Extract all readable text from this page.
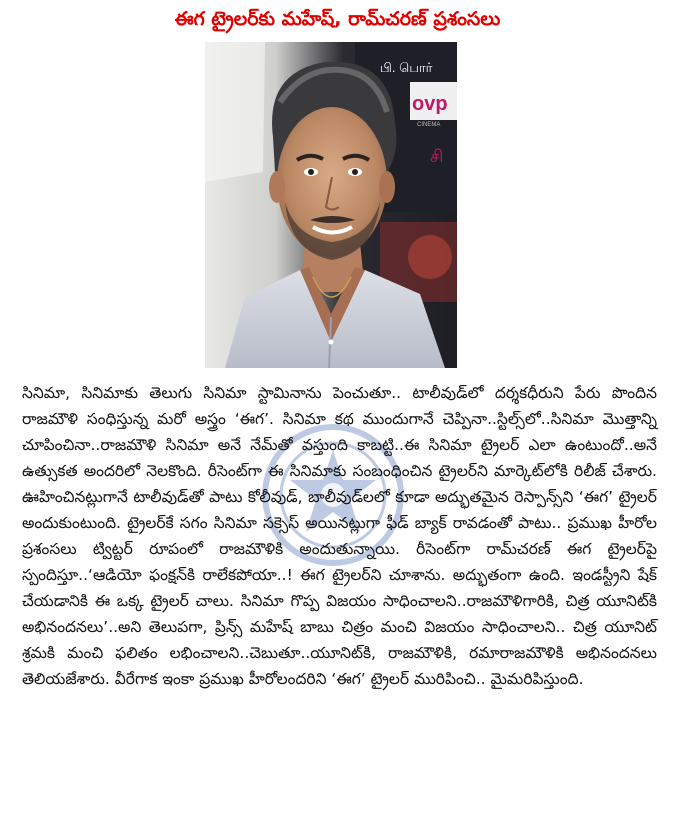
ఈగ ట్రైలర్‌కు మహేష్, రామ్‌చరణ్ ప్రశంసలు
பி. பொர்
ovp
CINEMA
சி

సినిమా, సినిమాకు తెలుగు సినిమా స్టామినాను పెంచుతూ.. టాలీవుడ్‌లో దర్శకధీరుని పేరు పొందిన రాజమౌళి సంధిస్తున్న మరో అస్త్రం ‘ఈగ’. సినిమా కథ ముందుగానే చెప్పినా..స్టిల్స్‌లో..సినిమా మొత్తాన్ని చూపించినా..రాజమౌళి సినిమా అనే నేమ్‌తో వస్తుంది కాబట్టి..ఈ సినిమా ట్రైలర్ ఎలా ఉంటుందో..అనే ఉత్సుకత అందరిలో నెలకొంది. రీసెంట్‌గా ఈ సినిమాకు సంబంధించిన ట్రైలర్‌ని మార్కెట్‌లోకి రిలీజ్ చేశారు. ఊహించినట్లుగానే టాలీవుడ్‌తో పాటు కోలీవుడ్, బాలీవుడ్‌లలో కూడా అద్భుతమైన రెస్పాన్స్‌ని ‘ఈగ’ ట్రైలర్ అందుకుంటుంది. ట్రైలర్‌కే సగం సినిమా సక్సెస్ అయినట్లుగా ఫీడ్ బ్యాక్ రావడంతో పాటు.. ప్రముఖ హీరోల ప్రశంసలు ట్విట్టర్ రూపంలో రాజమౌళికి అందుతున్నాయి. రీసెంట్‌గా రామ్‌చరణ్ ఈగ ట్రైలర్‌పై స్పందిస్తూ..‘ఆడియో ఫంక్షన్‌కి రాలేకపోయా..! ఈగ ట్రైలర్‌ని చూశాను. అద్భుతంగా ఉంది. ఇండస్ట్రీని షేక్ చేయడానికి ఈ ఒక్క ట్రైలర్ చాలు. సినిమా గొప్ప విజయం సాధించాలని..రాజమౌళిగారికి, చిత్ర యూనిట్‌కి అభినందనలు’..అని తెలుపగా, ప్రిన్స్ మహేష్ బాబు చిత్రం మంచి విజయం సాధించాలని.. చిత్ర యూనిట్ శ్రమకి మంచి ఫలితం లభించాలని..చెబుతూ..యూనిట్‌కి, రాజమౌళికి, రమారాజమౌళికి అభినందనలు తెలియజేశారు. వీరేగాక ఇంకా ప్రముఖ హీరోలందరిని ‘ఈగ’ ట్రైలర్ మురిపించి.. మైమరిపిస్తుంది.
